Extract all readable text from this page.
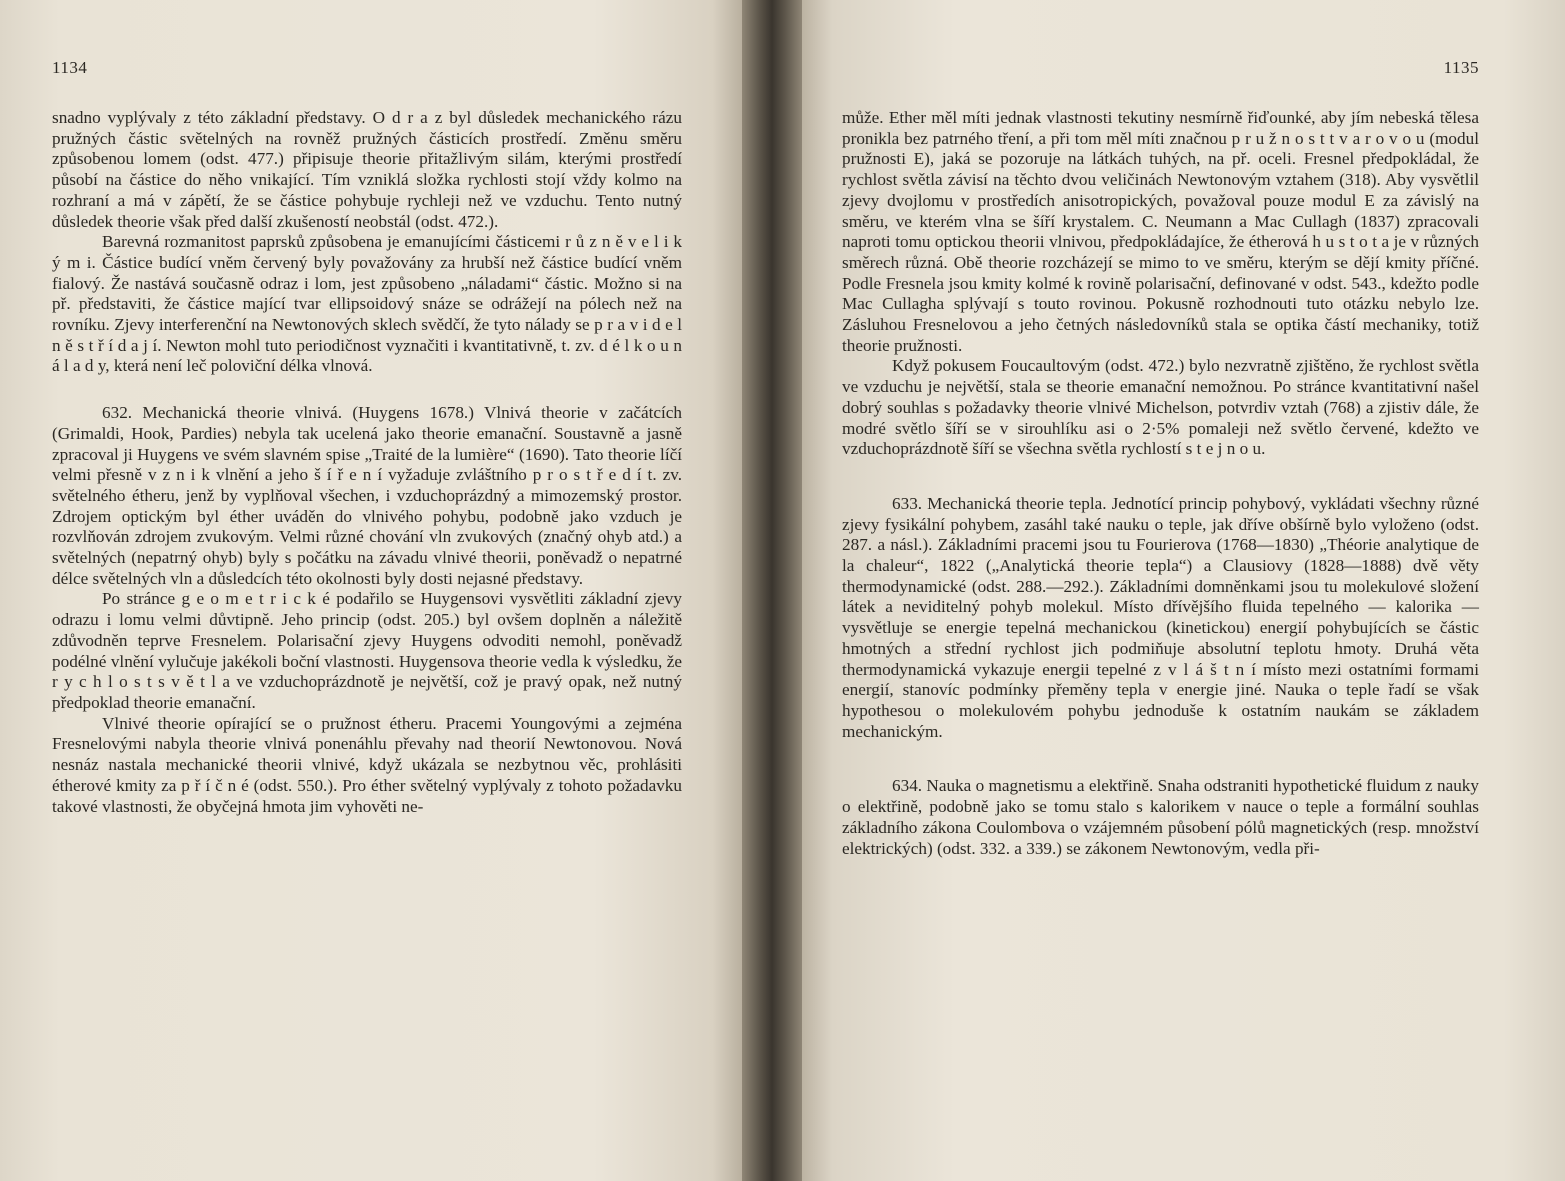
1134

snadno vyplývaly z této základní představy. O d r a z byl důsledek mechanického rázu pružných částic světelných na rovněž pružných částicích prostředí. Změnu směru způsobenou lomem (odst. 477.) připisuje theorie přitažlivým silám, kterými prostředí působí na částice do něho vnikající. Tím vzniklá složka rychlosti stojí vždy kolmo na rozhraní a má v zápětí, že se částice pohybuje rychleji než ve vzduchu. Tento nutný důsledek theorie však před další zkušeností neobstál (odst. 472.).

Barevná rozmanitost paprsků způsobena je emanujícími částicemi r ů z n ě v e l i k ý m i. Částice budící vněm červený byly považovány za hrubší než částice budící vněm fialový. Že nastává současně odraz i lom, jest způsobeno „náladami“ částic. Možno si na př. představiti, že částice mající tvar ellipsoidový snáze se odrážejí na pólech než na rovníku. Zjevy interferenční na Newtonových sklech svědčí, že tyto nálady se p r a v i d e l n ě s t ř í d a j í. Newton mohl tuto periodičnost vyznačiti i kvantitativně, t. zv. d é l k o u n á l a d y, která není leč poloviční délka vlnová.

632. Mechanická theorie vlnivá. (Huygens 1678.) Vlnivá theorie v začátcích (Grimaldi, Hook, Pardies) nebyla tak ucelená jako theorie emanační. Soustavně a jasně zpracoval ji Huygens ve svém slavném spise „Traité de la lumière“ (1690). Tato theorie líčí velmi přesně v z n i k vlnění a jeho š í ř e n í vyžaduje zvláštního p r o s t ř e d í t. zv. světelného étheru, jenž by vyplňoval všechen, i vzduchoprázdný a mimozemský prostor. Zdrojem optickým byl éther uváděn do vlnivého pohybu, podobně jako vzduch je rozvlňován zdrojem zvukovým. Velmi různé chování vln zvukových (značný ohyb atd.) a světelných (nepatrný ohyb) byly s počátku na závadu vlnivé theorii, poněvadž o nepatrné délce světelných vln a důsledcích této okolnosti byly dosti nejasné představy.

Po stránce g e o m e t r i c k é podařilo se Huygensovi vysvětliti základní zjevy odrazu i lomu velmi důvtipně. Jeho princip (odst. 205.) byl ovšem doplněn a náležitě zdůvodněn teprve Fresnelem. Polarisační zjevy Huygens odvoditi nemohl, poněvadž podélné vlnění vylučuje jakékoli boční vlastnosti. Huygensova theorie vedla k výsledku, že r y c h l o s t s v ě t l a ve vzduchoprázdnotě je největší, což je pravý opak, než nutný předpoklad theorie emanační.

Vlnivé theorie opírající se o pružnost étheru. Pracemi Youngovými a zejména Fresnelovými nabyla theorie vlnivá ponenáhlu převahy nad theorií Newtonovou. Nová nesnáz nastala mechanické theorii vlnivé, když ukázala se nezbytnou věc, prohlásiti étherové kmity za p ř í č n é (odst. 550.). Pro éther světelný vyplývaly z tohoto požadavku takové vlastnosti, že obyčejná hmota jim vyhověti ne-

1135

může. Ether měl míti jednak vlastnosti tekutiny nesmírně řiďounké, aby jím nebeská tělesa pronikla bez patrného tření, a při tom měl míti značnou p r u ž n o s t t v a r o v o u (modul pružnosti E), jaká se pozoruje na látkách tuhých, na př. oceli. Fresnel předpokládal, že rychlost světla závisí na těchto dvou veličinách Newtonovým vztahem (318). Aby vysvětlil zjevy dvojlomu v prostředích anisotropických, považoval pouze modul E za závislý na směru, ve kterém vlna se šíří krystalem. C. Neumann a Mac Cullagh (1837) zpracovali naproti tomu optickou theorii vlnivou, předpokládajíce, že étherová h u s t o t a je v různých směrech různá. Obě theorie rozcházejí se mimo to ve směru, kterým se dějí kmity příčné. Podle Fresnela jsou kmity kolmé k rovině polarisační, definované v odst. 543., kdežto podle Mac Cullagha splývají s touto rovinou. Pokusně rozhodnouti tuto otázku nebylo lze. Zásluhou Fresnelovou a jeho četných následovníků stala se optika částí mechaniky, totiž theorie pružnosti.

Když pokusem Foucaultovým (odst. 472.) bylo nezvratně zjištěno, že rychlost světla ve vzduchu je největší, stala se theorie emanační nemožnou. Po stránce kvantitativní našel dobrý souhlas s požadavky theorie vlnivé Michelson, potvrdiv vztah (768) a zjistiv dále, že modré světlo šíří se v sirouhlíku asi o 2·5% pomaleji než světlo červené, kdežto ve vzduchoprázdnotě šíří se všechna světla rychlostí s t e j n o u.

633. Mechanická theorie tepla. Jednotící princip pohybový, vykládati všechny různé zjevy fysikální pohybem, zasáhl také nauku o teple, jak dříve obšírně bylo vyloženo (odst. 287. a násl.). Základními pracemi jsou tu Fourierova (1768—1830) „Théorie analytique de la chaleur“, 1822 („Analytická theorie tepla“) a Clausiovy (1828—1888) dvě věty thermodynamické (odst. 288.—292.). Základními domněnkami jsou tu molekulové složení látek a neviditelný pohyb molekul. Místo dřívějšího fluida tepelného — kalorika — vysvětluje se energie tepelná mechanickou (kinetickou) energií pohybujících se částic hmotných a střední rychlost jich podmiňuje absolutní teplotu hmoty. Druhá věta thermodynamická vykazuje energii tepelné z v l á š t n í místo mezi ostatními formami energií, stanovíc podmínky přeměny tepla v energie jiné. Nauka o teple řadí se však hypothesou o molekulovém pohybu jednoduše k ostatním naukám se základem mechanickým.

634. Nauka o magnetismu a elektřině. Snaha odstraniti hypothetické fluidum z nauky o elektřině, podobně jako se tomu stalo s kalorikem v nauce o teple a formální souhlas základního zákona Coulombova o vzájemném působení pólů magnetických (resp. množství elektrických) (odst. 332. a 339.) se zákonem Newtonovým, vedla při-
